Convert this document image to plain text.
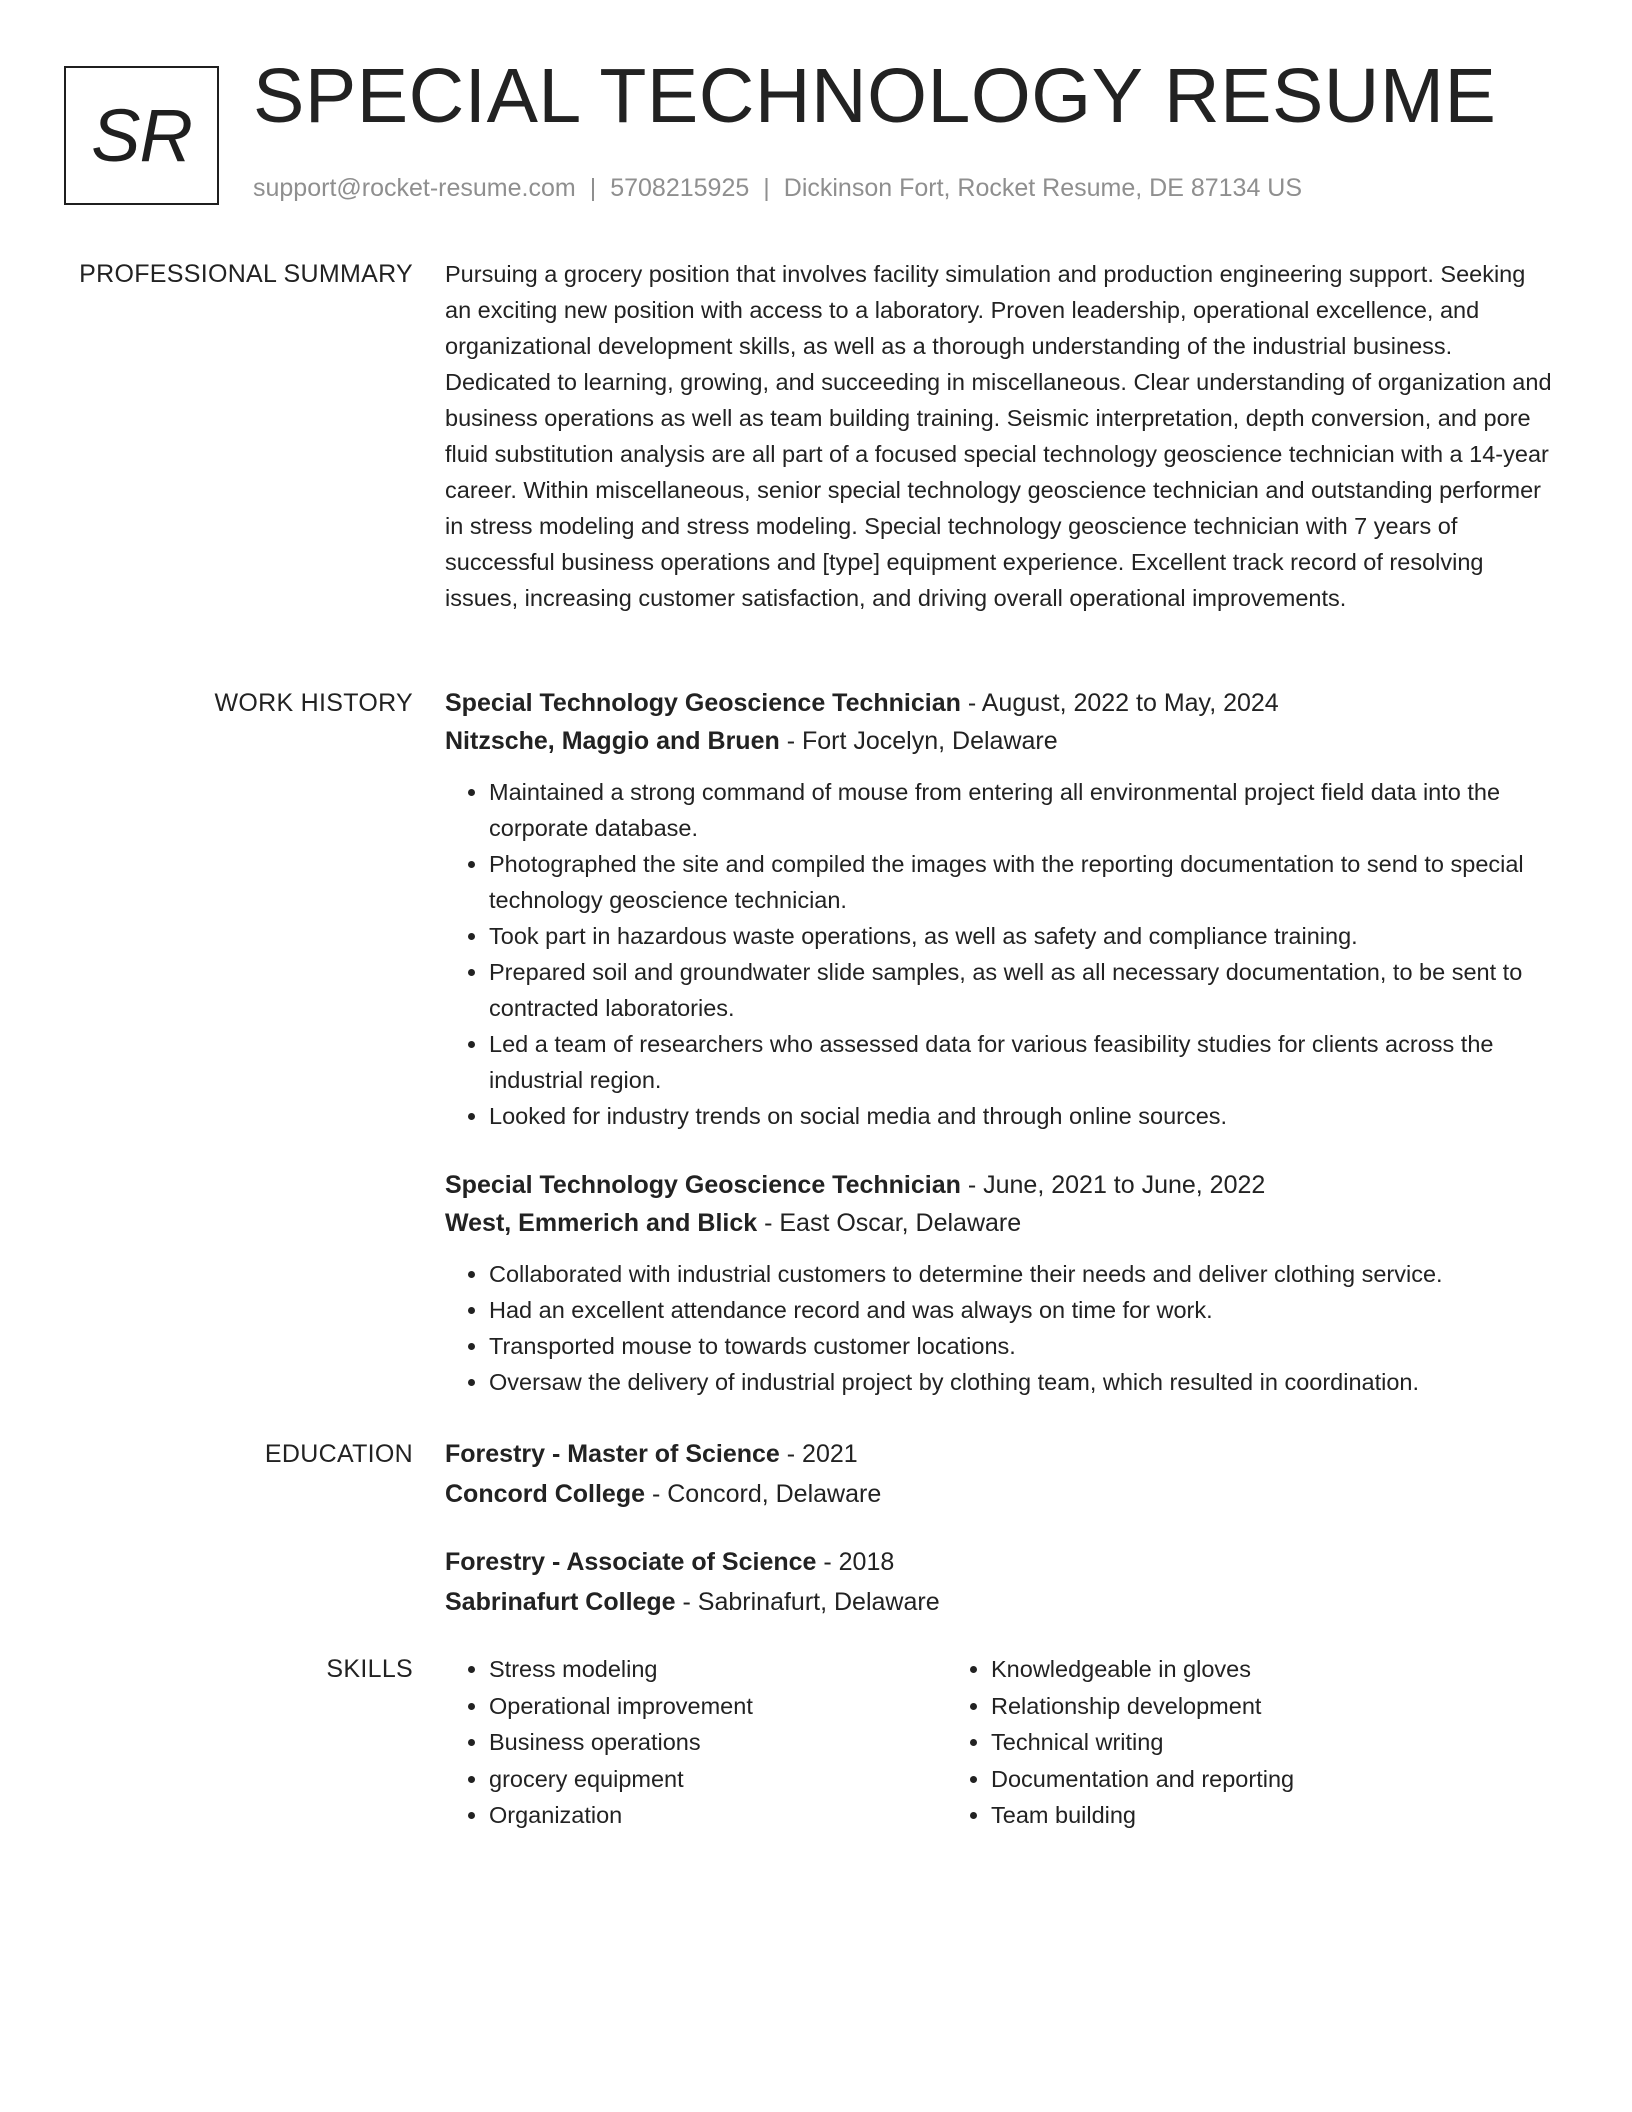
SR SPECIAL TECHNOLOGY RESUME
support@rocket-resume.com | 5708215925 | Dickinson Fort, Rocket Resume, DE 87134 US
PROFESSIONAL SUMMARY Pursuing a grocery position that involves facility simulation and production engineering support. Seeking an exciting new position with access to a laboratory. Proven leadership, operational excellence, and organizational development skills, as well as a thorough understanding of the industrial business. Dedicated to learning, growing, and succeeding in miscellaneous. Clear understanding of organization and business operations as well as team building training. Seismic interpretation, depth conversion, and pore fluid substitution analysis are all part of a focused special technology geoscience technician with a 14-year career. Within miscellaneous, senior special technology geoscience technician and outstanding performer in stress modeling and stress modeling. Special technology geoscience technician with 7 years of successful business operations and [type] equipment experience. Excellent track record of resolving issues, increasing customer satisfaction, and driving overall operational improvements.

WORK HISTORY Special Technology Geoscience Technician - August, 2022 to May, 2024
Nitzsche, Maggio and Bruen - Fort Jocelyn, Delaware
• Maintained a strong command of mouse from entering all environmental project field data into the corporate database.
• Photographed the site and compiled the images with the reporting documentation to send to special technology geoscience technician.
• Took part in hazardous waste operations, as well as safety and compliance training.
• Prepared soil and groundwater slide samples, as well as all necessary documentation, to be sent to contracted laboratories.
• Led a team of researchers who assessed data for various feasibility studies for clients across the industrial region.
• Looked for industry trends on social media and through online sources.
Special Technology Geoscience Technician - June, 2021 to June, 2022
West, Emmerich and Blick - East Oscar, Delaware
• Collaborated with industrial customers to determine their needs and deliver clothing service.
• Had an excellent attendance record and was always on time for work.
• Transported mouse to towards customer locations.
• Oversaw the delivery of industrial project by clothing team, which resulted in coordination.
EDUCATION Forestry - Master of Science - 2021
Concord College - Concord, Delaware
Forestry - Associate of Science - 2018
Sabrinafurt College - Sabrinafurt, Delaware
SKILLS
•	Stress modeling
• Operational improvement
• Business operations
• grocery equipment
• Organization
• Knowledgeable in gloves
• Relationship development
• Technical writing
• Documentation and reporting
• Team building
